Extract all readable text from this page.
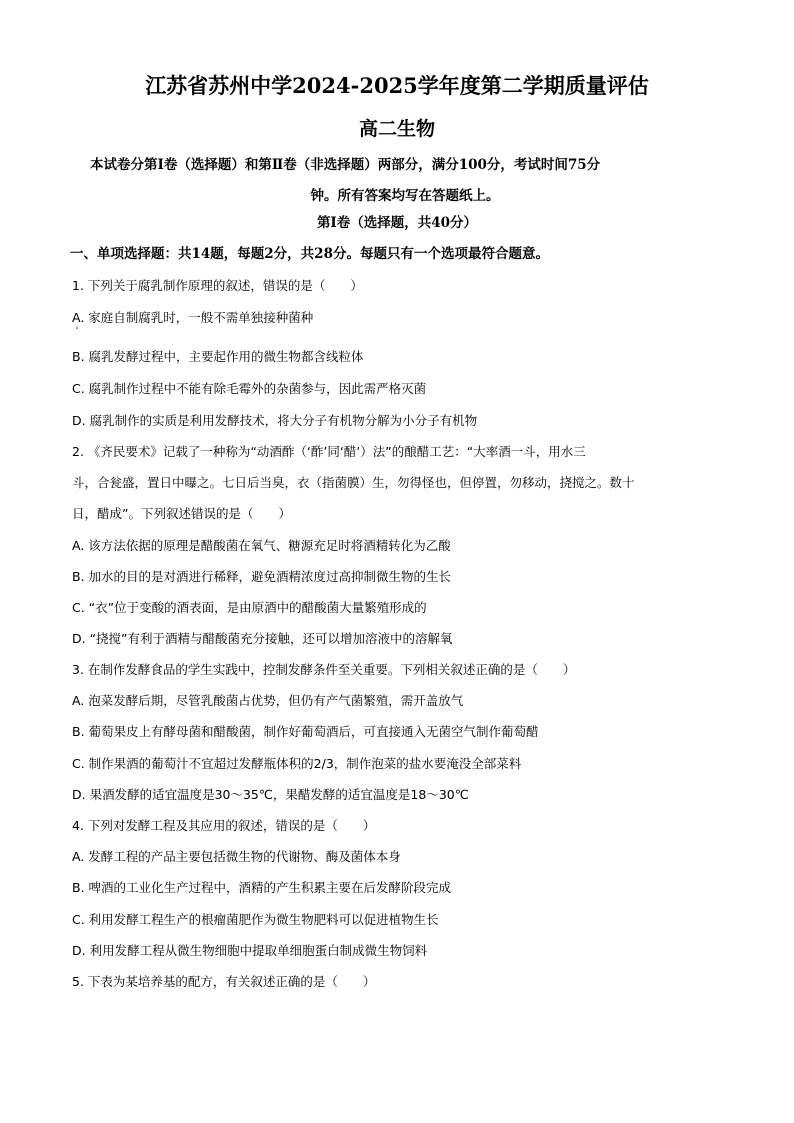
江苏省苏州中学2024-2025学年度第二学期质量评估
高二生物
本试卷分第Ⅰ卷（选择题）和第Ⅱ卷（非选择题）两部分，满分100分，考试时间75分
钟。所有答案均写在答题纸上。
第Ⅰ卷（选择题，共40分）
一、单项选择题：共14题，每题2分，共28分。每题只有一个选项最符合题意。
1. 下列关于腐乳制作原理的叙述，错误的是（　　）
A. 家庭自制腐乳时，一般不需单独接种菌种
B. 腐乳发酵过程中，主要起作用的微生物都含线粒体
C. 腐乳制作过程中不能有除毛霉外的杂菌参与，因此需严格灭菌
D. 腐乳制作的实质是利用发酵技术，将大分子有机物分解为小分子有机物
2. 《齐民要术》记载了一种称为“动酒酢（‘酢’同‘醋’）法”的酿醋工艺：“大率酒一斗，用水三
斗，合瓮盛，置日中曝之。七日后当臭，衣（指菌膜）生，勿得怪也，但停置，勿移动，挠搅之。数十
日，醋成”。下列叙述错误的是（　　）
A. 该方法依据的原理是醋酸菌在氧气、糖源充足时将酒精转化为乙酸
B. 加水的目的是对酒进行稀释，避免酒精浓度过高抑制微生物的生长
C. “衣”位于变酸的酒表面，是由原酒中的醋酸菌大量繁殖形成的
D. “挠搅”有利于酒精与醋酸菌充分接触，还可以增加溶液中的溶解氧
3. 在制作发酵食品的学生实践中，控制发酵条件至关重要。下列相关叙述正确的是（　　）
A. 泡菜发酵后期，尽管乳酸菌占优势，但仍有产气菌繁殖，需开盖放气
B. 葡萄果皮上有酵母菌和醋酸菌，制作好葡萄酒后，可直接通入无菌空气制作葡萄醋
C. 制作果酒的葡萄汁不宜超过发酵瓶体积的2/3，制作泡菜的盐水要淹没全部菜料
D. 果酒发酵的适宜温度是30～35℃，果醋发酵的适宜温度是18～30℃
4. 下列对发酵工程及其应用的叙述，错误的是（　　）
A. 发酵工程的产品主要包括微生物的代谢物、酶及菌体本身
B. 啤酒的工业化生产过程中，酒精的产生积累主要在后发酵阶段完成
C. 利用发酵工程生产的根瘤菌肥作为微生物肥料可以促进植物生长
D. 利用发酵工程从微生物细胞中提取单细胞蛋白制成微生物饲料
5. 下表为某培养基的配方，有关叙述正确的是（　　）
